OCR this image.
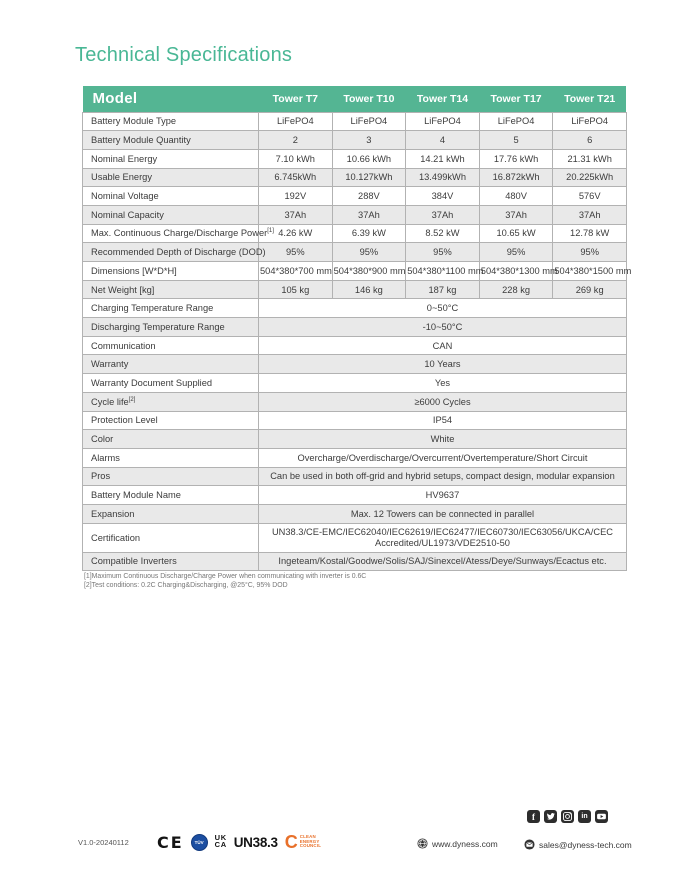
Technical Specifications
Model	Tower T7	Tower T10	Tower T14	Tower T17	Tower T21
Battery Module Type	LiFePO4	LiFePO4	LiFePO4	LiFePO4	LiFePO4
Battery Module Quantity	2	3	4	5	6
Nominal Energy	7.10 kWh	10.66 kWh	14.21 kWh	17.76 kWh	21.31 kWh
Usable Energy	6.745kWh	10.127kWh	13.499kWh	16.872kWh	20.225kWh
Nominal Voltage	192V	288V	384V	480V	576V
Nominal Capacity	37Ah	37Ah	37Ah	37Ah	37Ah
Max. Continuous Charge/Discharge Power[1]	4.26 kW	6.39 kW	8.52 kW	10.65 kW	12.78 kW
Recommended Depth of Discharge (DOD)	95%	95%	95%	95%	95%
Dimensions [W*D*H]	504*380*700 mm	504*380*900 mm	504*380*1100 mm	504*380*1300 mm	504*380*1500 mm
Net Weight [kg]	105 kg	146 kg	187 kg	228 kg	269 kg
Charging Temperature Range	0~50°C				
Discharging Temperature Range	-10~50°C				
Communication	CAN				
Warranty	10 Years				
Warranty Document Supplied	Yes				
Cycle life[2]	≥6000 Cycles				
Protection Level	IP54				
Color	White				
Alarms	Overcharge/Overdischarge/Overcurrent/Overtemperature/Short Circuit				
Pros	Can be used in both off-grid and hybrid setups, compact design, modular expansion				
Battery Module Name	HV9637				
Expansion	Max. 12 Towers can be connected in parallel				
Certification	UN38.3/CE-EMC/IEC62040/IEC62619/IEC62477/IEC60730/IEC63056/UKCA/CEC Accredited/UL1973/VDE2510-50				
Compatible Inverters	Ingeteam/Kostal/Goodwe/Solis/SAJ/Sinexcel/Atess/Deye/Sunways/Ecactus etc.				
[1]Maximum Continuous Discharge/Charge Power when communicating with inverter is 0.6C
[2]Test conditions: 0.2C Charging&Discharging, @25°C, 95% DOD
V1.0-20240112 CE	TÜV	UK
CA UN38.3 C CLEAN
ENERGY
COUNCIL	www.dyness.com
f	in
sales@dyness-tech.com
